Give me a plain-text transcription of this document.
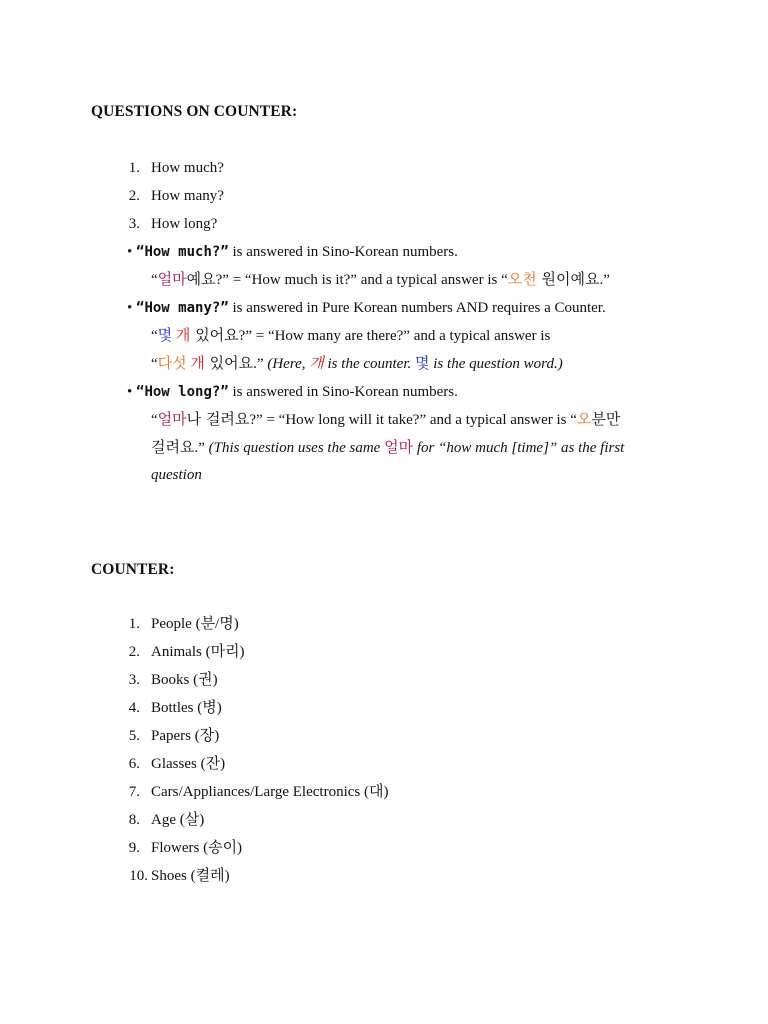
QUESTIONS ON COUNTER:
1. How much?
2. How many?
3. How long?
• “How much?” is answered in Sino-Korean numbers.
“얼마예요?” = “How much is it?” and a typical answer is “오천 원이예요.”
• “How many?” is answered in Pure Korean numbers AND requires a Counter.
“몇 개 있어요?” = “How many are there?” and a typical answer is
“다섯 개 있어요.” (Here, 개 is the counter. 몇 is the question word.)
• “How long?” is answered in Sino-Korean numbers.
“얼마나 걸려요?” = “How long will it take?” and a typical answer is “오분만
걸려요.” (This question uses the same 얼마 for “how much [time]” as the first
question
COUNTER:
1. People (분/명)
2. Animals (마리)
3. Books (권)
4. Bottles (병)
5. Papers (장)
6. Glasses (잔)
7. Cars/Appliances/Large Electronics (대)
8. Age (살)
9. Flowers (송이)
10. Shoes (켤레)
